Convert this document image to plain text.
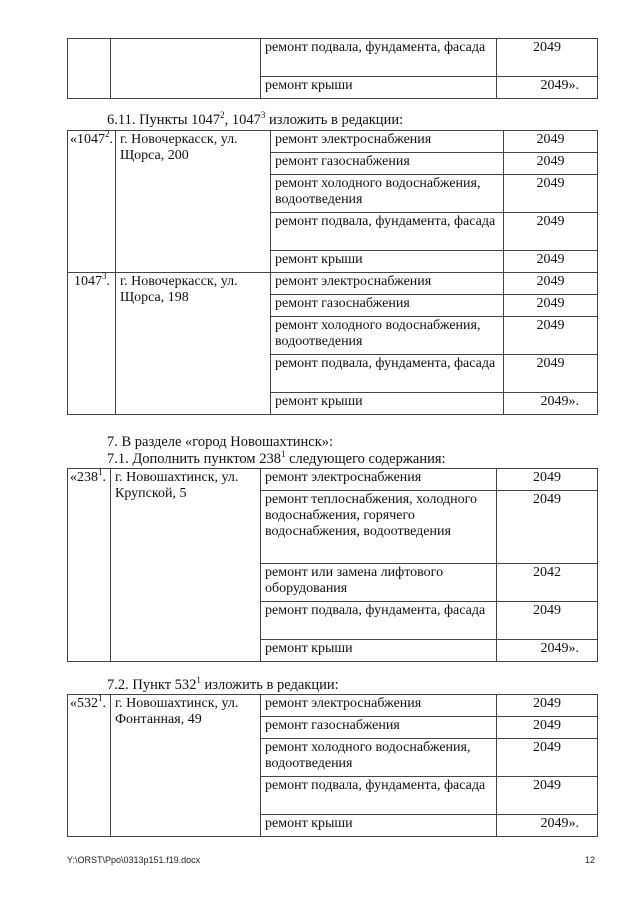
		ремонт подвала, фундамента, фасада	2049
		ремонт крыши	2049».
6.11. Пункты 1047$^2$, 1047$^3$ изложить в редакции:
«1047$^2$.	г. Новочеркасск, ул. Щорса, 200	ремонт электроснабжения	2049
		ремонт газоснабжения	2049
		ремонт холодного водоснабжения, водоотведения	2049
		ремонт подвала, фундамента, фасада	2049
		ремонт крыши	2049
1047$^3$.	г. Новочеркасск, ул. Щорса, 198	ремонт электроснабжения	2049
		ремонт газоснабжения	2049
		ремонт холодного водоснабжения, водоотведения	2049
		ремонт подвала, фундамента, фасада	2049
		ремонт крыши	2049».
7. В разделе «город Новошахтинск»:
7.1. Дополнить пунктом $238^1$ следующего содержания:
«$238^1$.	г. Новошахтинск, ул. Крупской, 5	ремонт электроснабжения	2049
		ремонт теплоснабжения, холодного водоснабжения, горячего водоснабжения, водоотведения	2049
		ремонт или замена лифтового оборудования	2042
		ремонт подвала, фундамента, фасада	2049
		ремонт крыши	2049».
7.2. Пункт $532^1$ изложить в редакции:
«$532^1$.	г. Новошахтинск, ул. Фонтанная, 49	ремонт электроснабжения	2049
		ремонт газоснабжения	2049
		ремонт холодного водоснабжения, водоотведения	2049
		ремонт подвала, фундамента, фасада	2049
		ремонт крыши	2049».
Y:\ORST\Ppo\0313p151.f19.docx	12
